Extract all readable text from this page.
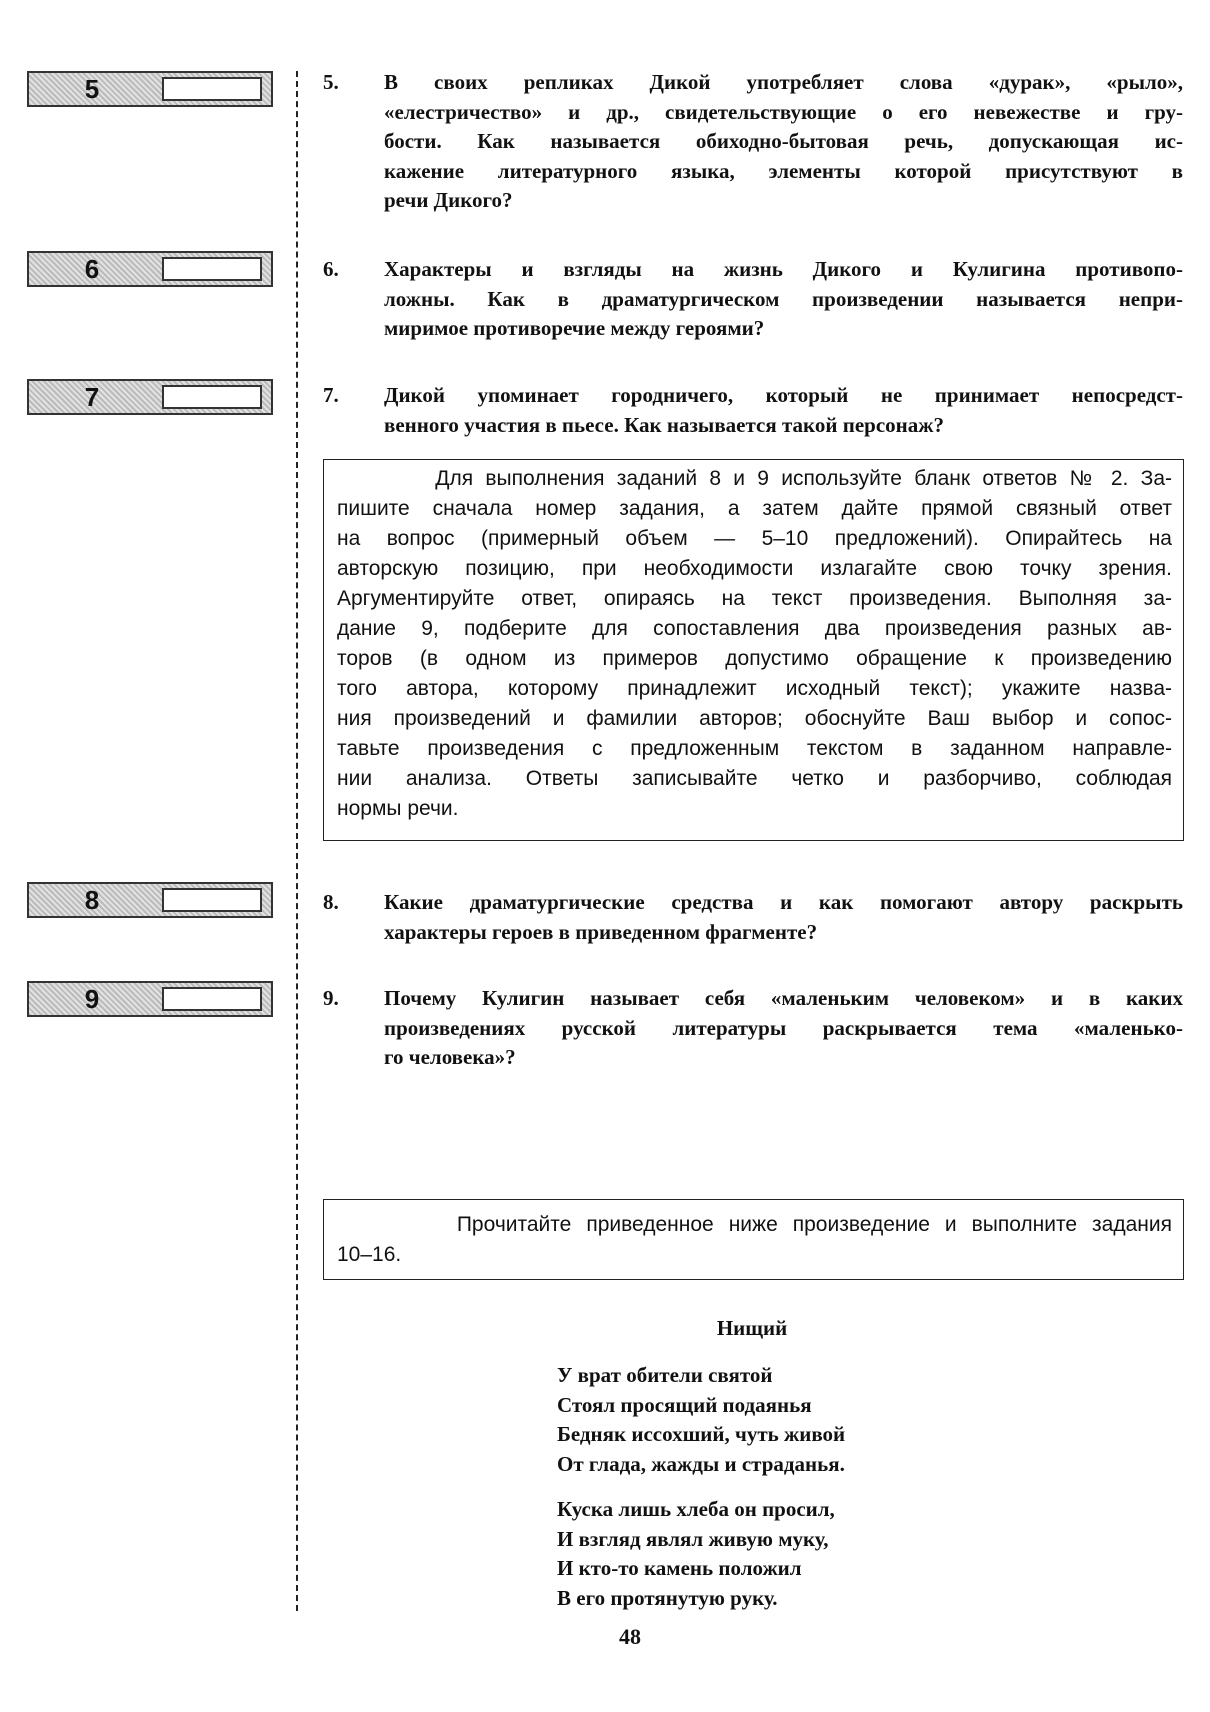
5
6
7
8
9
5. В своих репликах Дикой употребляет слова «дурак», «рыло»,
«елестричество» и др., свидетельствующие о его невежестве и гру-
бости. Как называется обиходно-бытовая речь, допускающая ис-
кажение литературного языка, элементы которой присутствуют в
речи Дикого?
6. Характеры и взгляды на жизнь Дикого и Кулигина противопо-
ложны. Как в драматургическом произведении называется непри-
миримое противоречие между героями?
7. Дикой упоминает городничего, который не принимает непосредст-
венного участия в пьесе. Как называется такой персонаж?
8. Какие драматургические средства и как помогают автору раскрыть
характеры героев в приведенном фрагменте?
9. Почему Кулигин называет себя «маленьким человеком» и в каких
произведениях русской литературы раскрывается тема «маленько-
го человека»?
Для выполнения заданий 8 и 9 используйте бланк ответов № 2. За-
пишите сначала номер задания, а затем дайте прямой связный ответ
на вопрос (примерный объем — 5–10 предложений). Опирайтесь на
авторскую позицию, при необходимости излагайте свою точку зрения.
Аргументируйте ответ, опираясь на текст произведения. Выполняя за-
дание 9, подберите для сопоставления два произведения разных ав-
торов (в одном из примеров допустимо обращение к произведению
того автора, которому принадлежит исходный текст); укажите назва-
ния произведений и фамилии авторов; обоснуйте Ваш выбор и сопос-
тавьте произведения с предложенным текстом в заданном направле-
нии анализа. Ответы записывайте четко и разборчиво, соблюдая
нормы речи.
Прочитайте приведенное ниже произведение и выполните задания
10–16.
Нищий
У врат обители святой
Стоял просящий подаянья
Бедняк иссохший, чуть живой
От глада, жажды и страданья.
Куска лишь хлеба он просил,
И взгляд являл живую муку,
И кто-то камень положил
В его протянутую руку.
48
